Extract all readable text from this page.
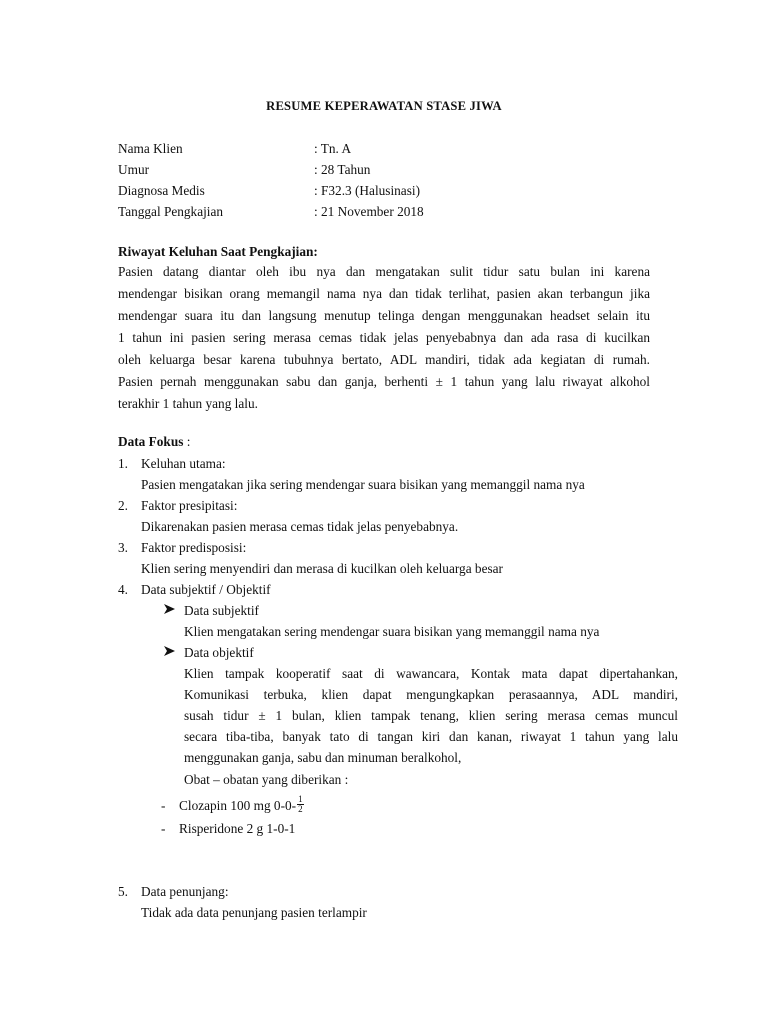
RESUME KEPERAWATAN STASE JIWA
Nama Klien	: Tn. A
Umur	: 28 Tahun
Diagnosa Medis	: F32.3 (Halusinasi)
Tanggal Pengkajian	: 21 November 2018
Riwayat Keluhan Saat Pengkajian:
Pasien datang diantar oleh ibu nya dan mengatakan sulit tidur satu bulan ini karena
mendengar bisikan orang memangil nama nya dan tidak terlihat, pasien akan terbangun jika
mendengar suara itu dan langsung menutup telinga dengan menggunakan headset selain itu
1 tahun ini pasien sering merasa cemas tidak jelas penyebabnya dan ada rasa di kucilkan
oleh keluarga besar karena tubuhnya bertato, ADL mandiri, tidak ada kegiatan di rumah.
Pasien pernah menggunakan sabu dan ganja, berhenti ± 1 tahun yang lalu riwayat alkohol
terakhir 1 tahun yang lalu.
Data Fokus :
1. Keluhan utama:
Pasien mengatakan jika sering mendengar suara bisikan yang memanggil nama nya
2. Faktor presipitasi:
Dikarenakan pasien merasa cemas tidak jelas penyebabnya.
3. Faktor predisposisi:
Klien sering menyendiri dan merasa di kucilkan oleh keluarga besar
4. Data subjektif / Objektif
Data subjektif
Klien mengatakan sering mendengar suara bisikan yang memanggil nama nya
Data objektif
Klien tampak kooperatif saat di wawancara, Kontak mata dapat dipertahankan,
Komunikasi terbuka, klien dapat mengungkapkan perasaannya, ADL mandiri,
susah tidur ± 1 bulan, klien tampak tenang, klien sering merasa cemas muncul
secara tiba-tiba, banyak tato di tangan kiri dan kanan, riwayat 1 tahun yang lalu
menggunakan ganja, sabu dan minuman beralkohol,
Obat – obatan yang diberikan :
- Clozapin 100 mg $0-0- \frac{1}{2}$
- Risperidone 2 g 1-0-1
5. Data penunjang:
Tidak ada data penunjang pasien terlampir
